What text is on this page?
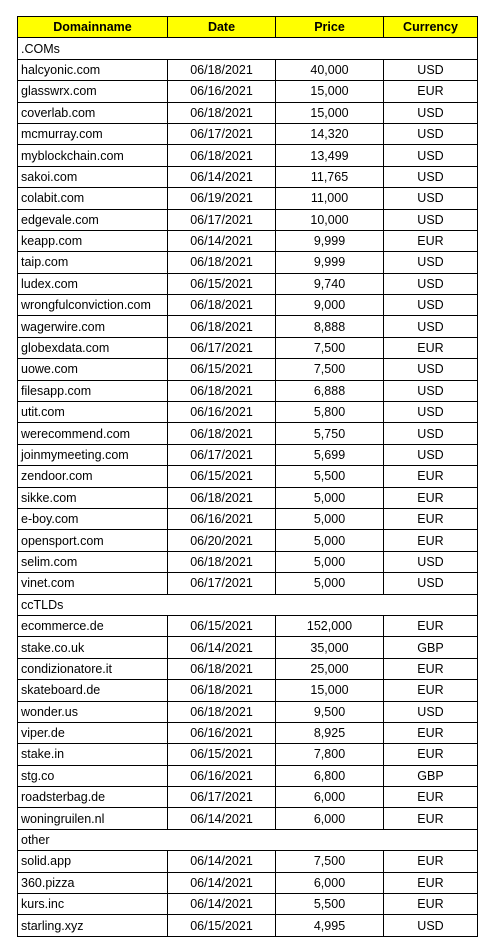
Domainname	Date	Price	Currency
.COMs			
halcyonic.com	06/18/2021	40,000	USD
glasswrx.com	06/16/2021	15,000	EUR
coverlab.com	06/18/2021	15,000	USD
mcmurray.com	06/17/2021	14,320	USD
myblockchain.com	06/18/2021	13,499	USD
sakoi.com	06/14/2021	11,765	USD
colabit.com	06/19/2021	11,000	USD
edgevale.com	06/17/2021	10,000	USD
keapp.com	06/14/2021	9,999	EUR
taip.com	06/18/2021	9,999	USD
ludex.com	06/15/2021	9,740	USD
wrongfulconviction.com	06/18/2021	9,000	USD
wagerwire.com	06/18/2021	8,888	USD
globexdata.com	06/17/2021	7,500	EUR
uowe.com	06/15/2021	7,500	USD
filesapp.com	06/18/2021	6,888	USD
utit.com	06/16/2021	5,800	USD
werecommend.com	06/18/2021	5,750	USD
joinmymeeting.com	06/17/2021	5,699	USD
zendoor.com	06/15/2021	5,500	EUR
sikke.com	06/18/2021	5,000	EUR
e-boy.com	06/16/2021	5,000	EUR
opensport.com	06/20/2021	5,000	EUR
selim.com	06/18/2021	5,000	USD
vinet.com	06/17/2021	5,000	USD
ccTLDs			
ecommerce.de	06/15/2021	152,000	EUR
stake.co.uk	06/14/2021	35,000	GBP
condizionatore.it	06/18/2021	25,000	EUR
skateboard.de	06/18/2021	15,000	EUR
wonder.us	06/18/2021	9,500	USD
viper.de	06/16/2021	8,925	EUR
stake.in	06/15/2021	7,800	EUR
stg.co	06/16/2021	6,800	GBP
roadsterbag.de	06/17/2021	6,000	EUR
woningruilen.nl	06/14/2021	6,000	EUR
other			
solid.app	06/14/2021	7,500	EUR
360.pizza	06/14/2021	6,000	EUR
kurs.inc	06/14/2021	5,500	EUR
starling.xyz	06/15/2021	4,995	USD
